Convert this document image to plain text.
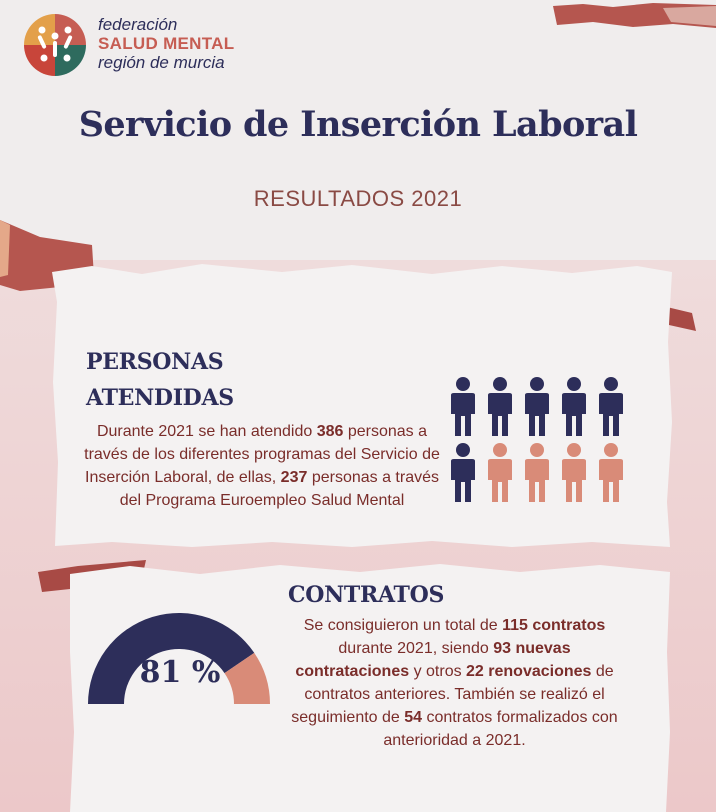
federación
SALUD MENTAL
región de murcia
Servicio de Inserción Laboral
RESULTADOS 2021
PERSONAS
ATENDIDAS
Durante 2021 se han atendido 386 personas a través de los diferentes programas del Servicio de Inserción Laboral, de ellas, 237 personas a través del Programa Euroempleo Salud Mental
CONTRATOS
81 %
Se consiguieron un total de 115 contratos durante 2021, siendo 93 nuevas contrataciones y otros 22 renovaciones de contratos anteriores. También se realizó el seguimiento de 54 contratos formalizados con anterioridad a 2021.
